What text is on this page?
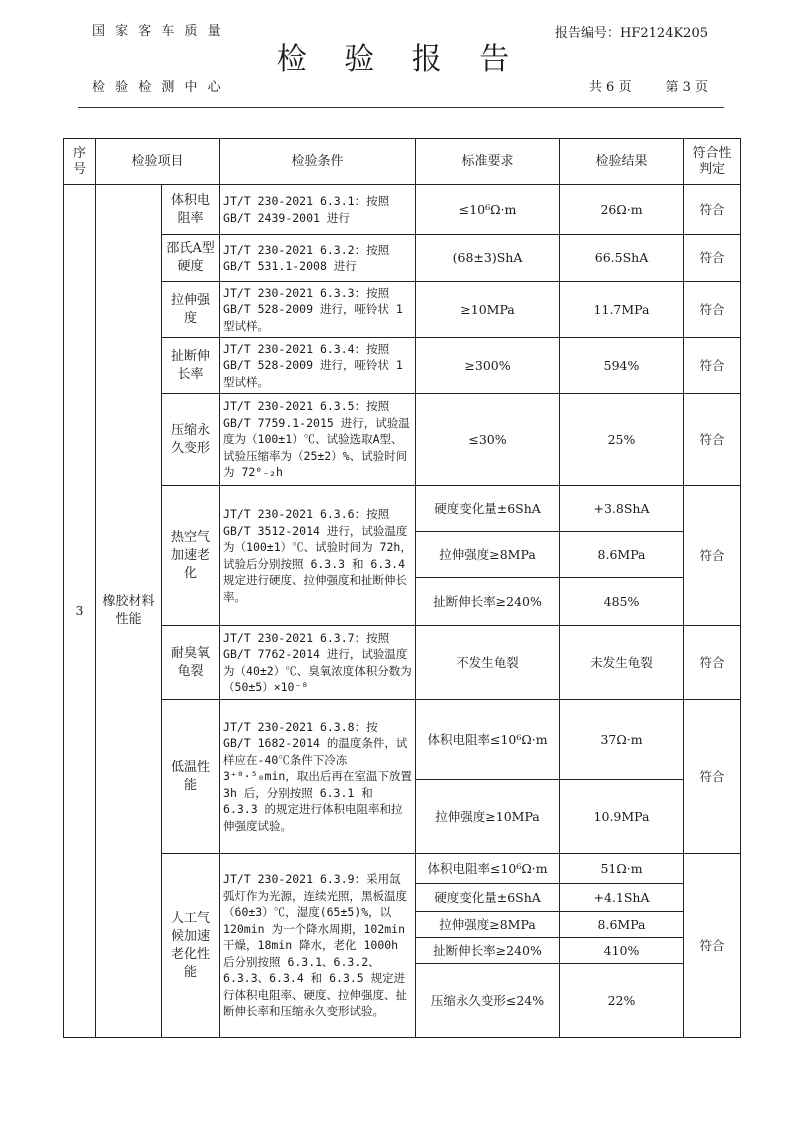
国 家 客 车 质 量
检 验 检 测 中 心
检 验 报 告
报告编号：HF2124K205
共 6 页	第 3 页
序号	检验项目		检验条件	标准要求	检验结果	符合性判定
3	橡胶材料性能	体积电阻率	JT/T 230-2021 6.3.1：按照 GB/T 2439-2001 进行	≤10⁶Ω·m	26Ω·m	符合
		邵氏A型硬度	JT/T 230-2021 6.3.2：按照 GB/T 531.1-2008 进行	(68±3)ShA	66.5ShA	符合
		拉伸强度	JT/T 230-2021 6.3.3：按照 GB/T 528-2009 进行，哑铃状 1 型试样。	≥10MPa	11.7MPa	符合
		扯断伸长率	JT/T 230-2021 6.3.4：按照 GB/T 528-2009 进行，哑铃状 1 型试样。	≥300%	594%	符合
		压缩永久变形	JT/T 230-2021 6.3.5：按照 GB/T 7759.1-2015 进行，试验温度为（100±1）℃、试验选取A型、试验压缩率为（25±2）%、试验时间为 72⁰₋₂h	≤30%	25%	符合
		热空气加速老化	JT/T 230-2021 6.3.6：按照 GB/T 3512-2014 进行，试验温度为（100±1）℃、试验时间为 72h，试验后分别按照 6.3.3 和 6.3.4 规定进行硬度、拉伸强度和扯断伸长率。	硬度变化量±6ShA	+3.8ShA	符合
				拉伸强度≥8MPa	8.6MPa	
				扯断伸长率≥240%	485%	
		耐臭氧龟裂	JT/T 230-2021 6.3.7：按照 GB/T 7762-2014 进行，试验温度为（40±2）℃、臭氧浓度体积分数为（50±5）×10⁻⁸	不发生龟裂	未发生龟裂	符合
		低温性能	JT/T 230-2021 6.3.8：按 GB/T 1682-2014 的温度条件，试样应在-40℃条件下冷冻 3⁺⁰·⁵₀min，取出后再在室温下放置 3h 后，分别按照 6.3.1 和 6.3.3 的规定进行体积电阻率和拉伸强度试验。	体积电阻率≤10⁶Ω·m	37Ω·m	符合
				拉伸强度≥10MPa	10.9MPa	
		人工气候加速老化性能	JT/T 230-2021 6.3.9：采用氙弧灯作为光源，连续光照，黑板温度（60±3）℃，湿度(65±5)%，以 120min 为一个降水周期，102min 干燥，18min 降水，老化 1000h 后分别按照 6.3.1、6.3.2、6.3.3、6.3.4 和 6.3.5 规定进行体积电阻率、硬度、拉伸强度、扯断伸长率和压缩永久变形试验。	体积电阻率≤10⁶Ω·m	51Ω·m	符合
				硬度变化量±6ShA	+4.1ShA	
				拉伸强度≥8MPa	8.6MPa	
				扯断伸长率≥240%	410%	
				压缩永久变形≤24%	22%	
